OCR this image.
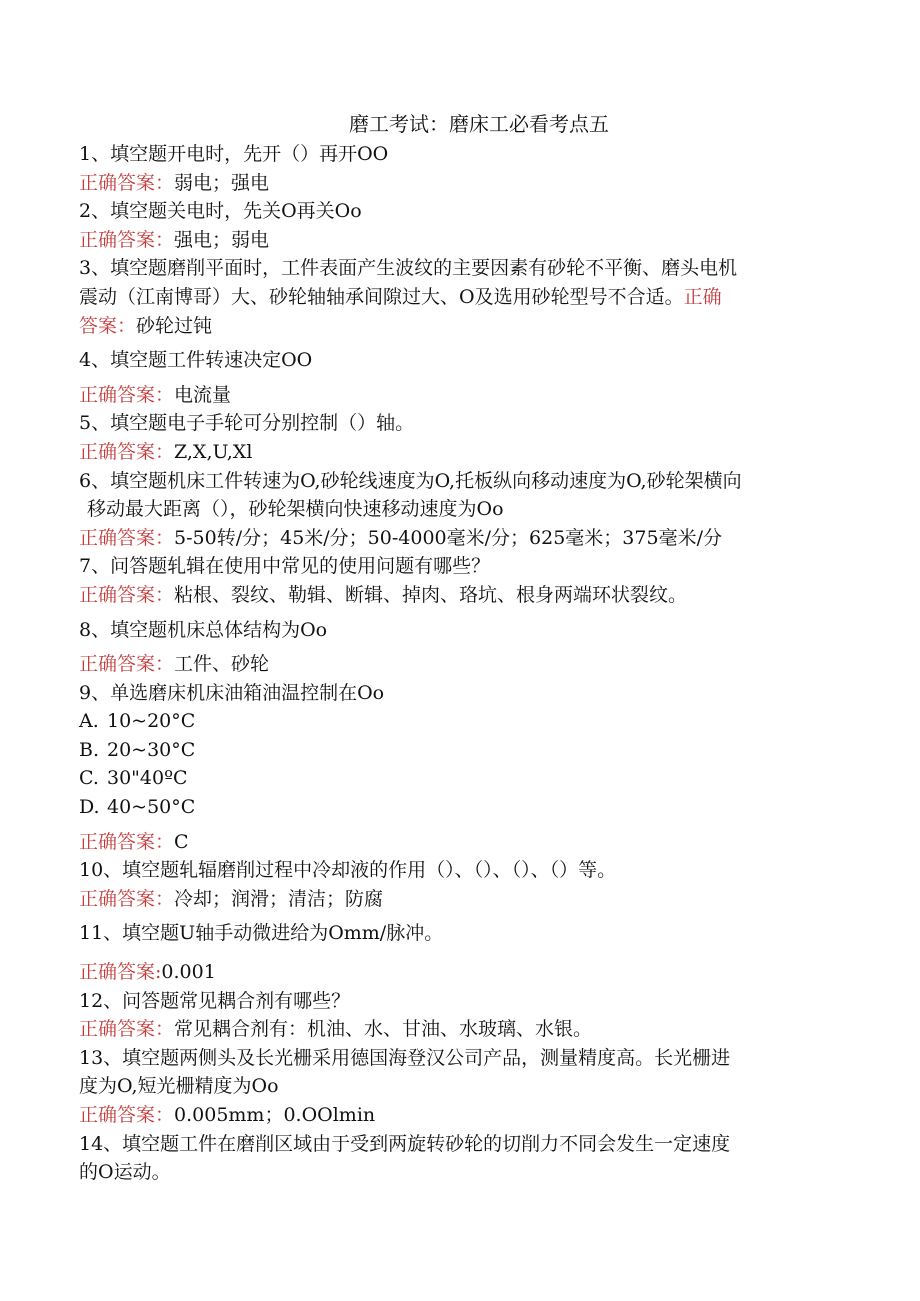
磨工考试：磨床工必看考点五
1、填空题开电时，先开（）再开OO
正确答案：弱电；强电
2、填空题关电时，先关O再关Oo
正确答案：强电；弱电
3、填空题磨削平面时，工件表面产生波纹的主要因素有砂轮不平衡、磨头电机
震动（江南博哥）大、砂轮轴轴承间隙过大、O及选用砂轮型号不合适。正确
答案：砂轮过钝
4、填空题工件转速决定OO
正确答案：电流量
5、填空题电子手轮可分别控制（）轴。
正确答案：Z,X,U,Xl
6、填空题机床工件转速为O,砂轮线速度为O,托板纵向移动速度为O,砂轮架横向
移动最大距离（），砂轮架横向快速移动速度为Oo
正确答案：5-50转/分；45米/分；50-4000毫米/分；625毫米；375毫米/分
7、问答题轧辑在使用中常见的使用问题有哪些？
正确答案：粘根、裂纹、勒辑、断辑、掉肉、珞坑、根身两端环状裂纹。
8、填空题机床总体结构为Oo
正确答案：工件、砂轮
9、单选磨床机床油箱油温控制在Oo
A. 10~20°C
B. 20~30°C
C. 30"40ºC
D. 40~50°C
正确答案：C
10、填空题轧辐磨削过程中冷却液的作用（）、（）、（）、（）等。
正确答案：冷却；润滑；清洁；防腐
11、填空题U轴手动微进给为Omm/脉冲。
正确答案:0.001
12、问答题常见耦合剂有哪些？
正确答案：常见耦合剂有：机油、水、甘油、水玻璃、水银。
13、填空题两侧头及长光栅采用德国海登汉公司产品，测量精度高。长光栅进
度为O,短光栅精度为Oo
正确答案：0.005mm；0.OOlmin
14、填空题工件在磨削区域由于受到两旋转砂轮的切削力不同会发生一定速度
的O运动。
